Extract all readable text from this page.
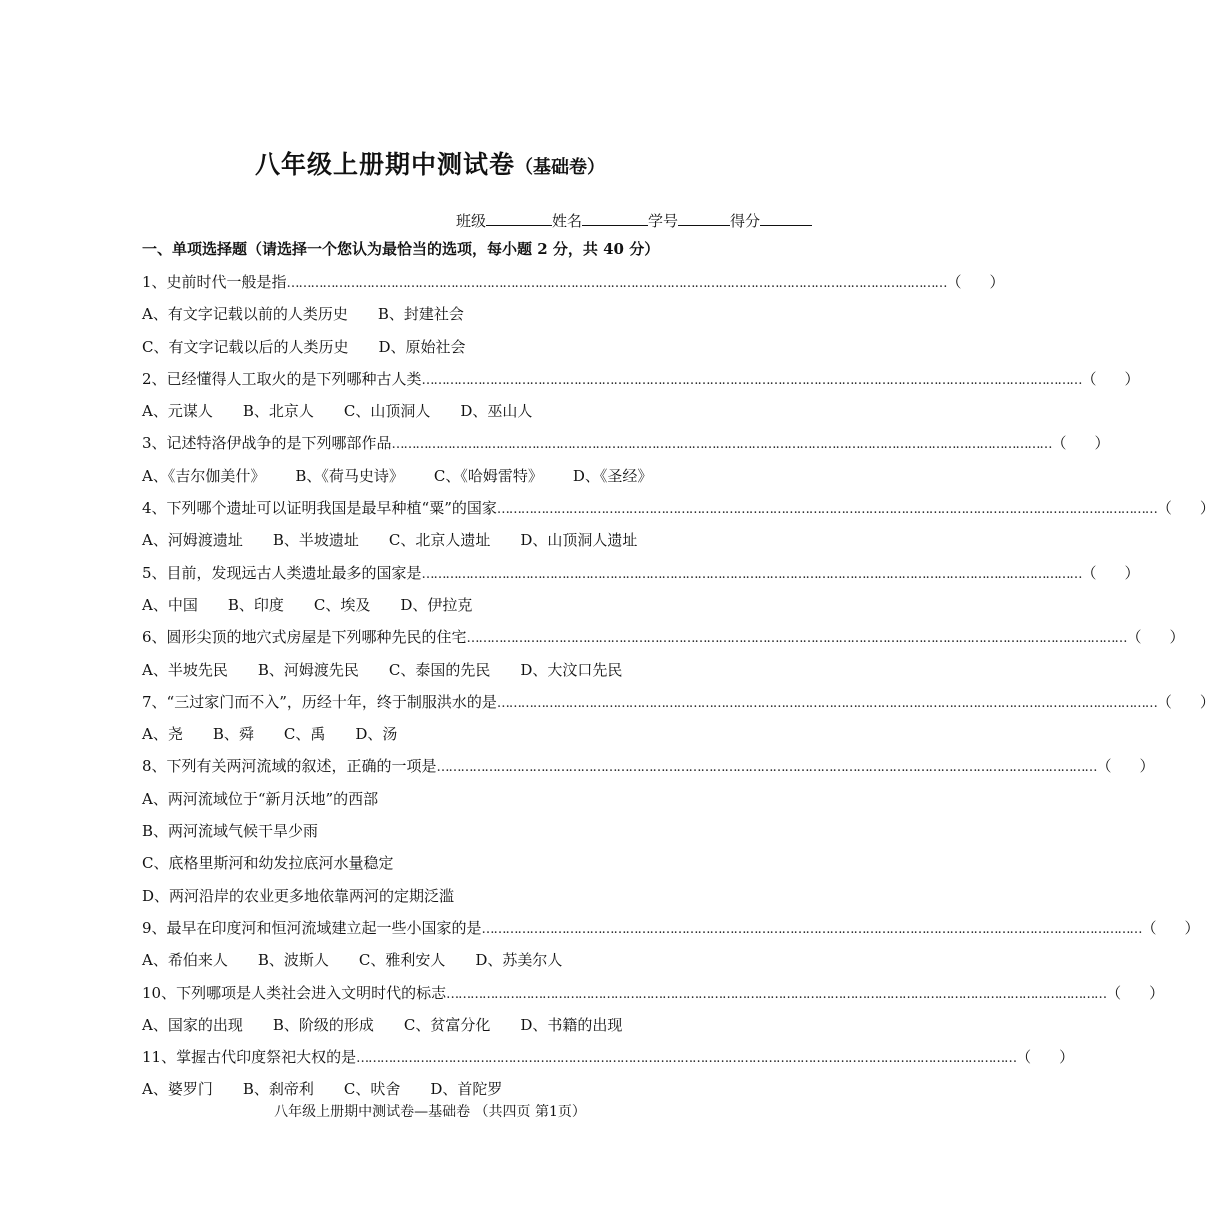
八年级上册期中测试卷（基础卷）
班级	姓名	学号	得分
一、单项选择题（请选择一个您认为最恰当的选项，每小题 2 分，共 40 分）
1、史前时代一般是指 ………………………………………………………………………………………………………………………………………………… （ ）
A、有文字记载以前的人类历史 B、封建社会
C、有文字记载以后的人类历史 D、原始社会
2、已经懂得人工取火的是下列哪种古人类 ………………………………………………………………………………………………………………………………………………… （ ）
A、元谋人 B、北京人 C、山顶洞人 D、巫山人
3、记述特洛伊战争的是下列哪部作品 ………………………………………………………………………………………………………………………………………………… （ ）
A、《吉尔伽美什》 B、《荷马史诗》 C、《哈姆雷特》 D、《圣经》
4、下列哪个遗址可以证明我国是最早种植“粟”的国家 ………………………………………………………………………………………………………………………………………………… （ ）
A、河姆渡遗址 B、半坡遗址 C、北京人遗址 D、山顶洞人遗址
5、目前，发现远古人类遗址最多的国家是 ………………………………………………………………………………………………………………………………………………… （ ）
A、中国 B、印度 C、埃及 D、伊拉克
6、圆形尖顶的地穴式房屋是下列哪种先民的住宅 ………………………………………………………………………………………………………………………………………………… （ ）
A、半坡先民 B、河姆渡先民 C、泰国的先民 D、大汶口先民
7、“三过家门而不入”，历经十年，终于制服洪水的是 ………………………………………………………………………………………………………………………………………………… （ ）
A、尧 B、舜 C、禹 D、汤
8、下列有关两河流域的叙述，正确的一项是 ………………………………………………………………………………………………………………………………………………… （ ）
A、两河流域位于“新月沃地”的西部
B、两河流域气候干旱少雨
C、底格里斯河和幼发拉底河水量稳定
D、两河沿岸的农业更多地依靠两河的定期泛滥
9、最早在印度河和恒河流域建立起一些小国家的是 ………………………………………………………………………………………………………………………………………………… （ ）
A、希伯来人 B、波斯人 C、雅利安人 D、苏美尔人
10、下列哪项是人类社会进入文明时代的标志 ………………………………………………………………………………………………………………………………………………… （ ）
A、国家的出现 B、阶级的形成 C、贫富分化 D、书籍的出现
11、掌握古代印度祭祀大权的是 ………………………………………………………………………………………………………………………………………………… （ ）
A、婆罗门 B、刹帝利 C、吠舍 D、首陀罗
八年级上册期中测试卷—基础卷 （共四页 第1页）
